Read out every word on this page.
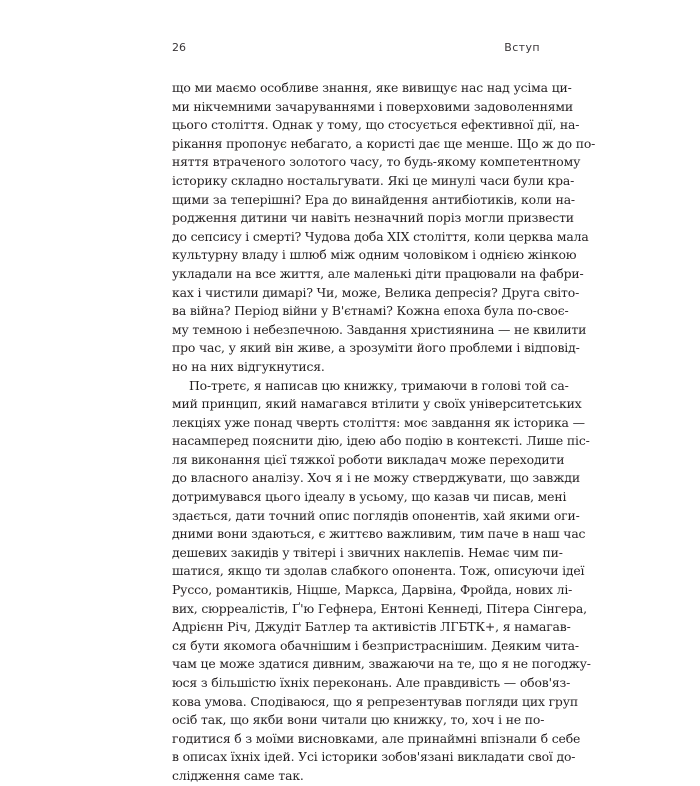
26	Вступ
що ми маємо особливе знання, яке вивищує нас над усіма ци-
ми нікчемними зачаруваннями і поверховими задоволеннями
цього століття. Однак у тому, що стосується ефективної дії, на-
рікання пропонує небагато, а користі дає ще менше. Що ж до по-
няття втраченого золотого часу, то будь-якому компетентному
історику складно ностальгувати. Які це минулі часи були кра-
щими за теперішні? Ера до винайдення антибіотиків, коли на-
родження дитини чи навіть незначний поріз могли призвести
до сепсису і смерті? Чудова доба XIX століття, коли церква мала
культурну владу і шлюб між одним чоловіком і однією жінкою
укладали на все життя, але маленькі діти працювали на фабри-
ках і чистили димарі? Чи, може, Велика депресія? Друга світо-
ва війна? Період війни у В'єтнамі? Кожна епоха була по-своє-
му темною і небезпечною. Завдання християнина — не квилити
про час, у який він живе, а зрозуміти його проблеми і відповід-
но на них відгукнутися.
По-третє, я написав цю книжку, тримаючи в голові той са-
мий принцип, який намагався втілити у своїх університетських
лекціях уже понад чверть століття: моє завдання як історика —
насамперед пояснити дію, ідею або подію в контексті. Лише піс-
ля виконання цієї тяжкої роботи викладач може переходити
до власного аналізу. Хоч я і не можу стверджувати, що завжди
дотримувався цього ідеалу в усьому, що казав чи писав, мені
здається, дати точний опис поглядів опонентів, хай якими оги-
дними вони здаються, є життєво важливим, тим паче в наш час
дешевих закидів у твітері і звичних наклепів. Немає чим пи-
шатися, якщо ти здолав слабкого опонента. Тож, описуючи ідеї
Руссо, романтиків, Ніцше, Маркса, Дарвіна, Фройда, нових лі-
вих, сюрреалістів, Ґ'ю Гефнера, Ентоні Кеннеді, Пітера Сінгера,
Адрієнн Річ, Джудіт Батлер та активістів ЛГБТК+, я намагав-
ся бути якомога обачнішим і безпристраснішим. Деяким чита-
чам це може здатися дивним, зважаючи на те, що я не погоджу-
юся з більшістю їхніх переконань. Але правдивість — обов'яз-
кова умова. Сподіваюся, що я репрезентував погляди цих груп
осіб так, що якби вони читали цю книжку, то, хоч і не по-
годитися б з моїми висновками, але принаймні впізнали б себе
в описах їхніх ідей. Усі історики зобов'язані викладати свої до-
слідження саме так.
